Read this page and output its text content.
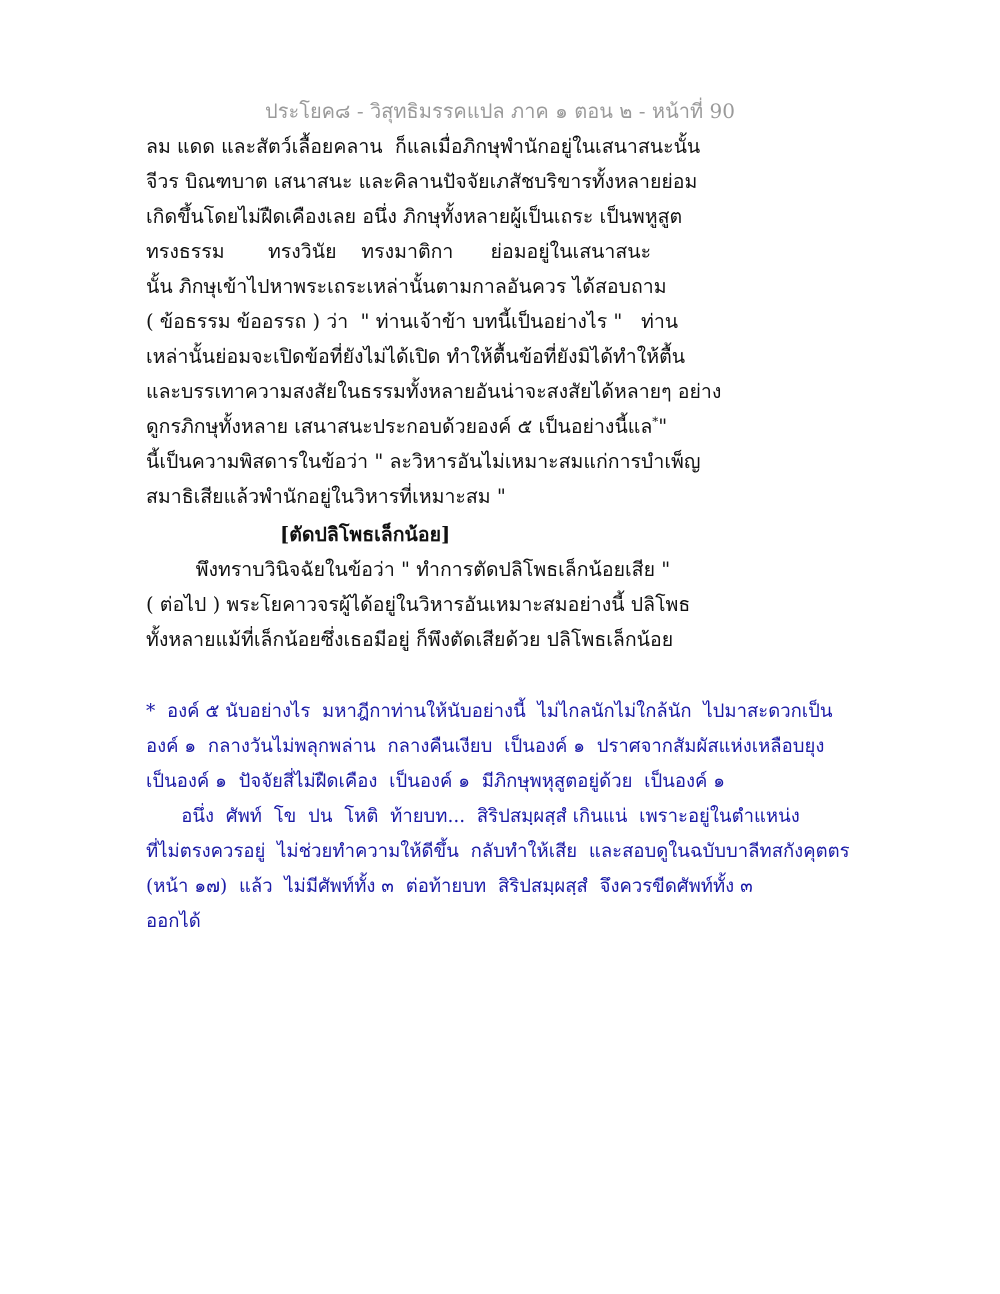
ประโยค๘ - วิสุทธิมรรคแปล ภาค ๑ ตอน ๒ - หน้าที่ 90
ลม แดด และสัตว์เลื้อยคลาน  ก็แลเมื่อภิกษุพำนักอยู่ในเสนาสนะนั้น
จีวร บิณฑบาต เสนาสนะ และคิลานปัจจัยเภสัชบริขารทั้งหลายย่อม
เกิดขึ้นโดยไม่ฝืดเคืองเลย อนึ่ง ภิกษุทั้งหลายผู้เป็นเถระ เป็นพหูสูต
ทรงธรรม       ทรงวินัย    ทรงมาติกา      ย่อมอยู่ในเสนาสนะ
นั้น ภิกษุเข้าไปหาพระเถระเหล่านั้นตามกาลอันควร ได้สอบถาม
( ข้อธรรม ข้ออรรถ ) ว่า  " ท่านเจ้าข้า บทนี้เป็นอย่างไร "   ท่าน
เหล่านั้นย่อมจะเปิดข้อที่ยังไม่ได้เปิด ทำให้ตื้นข้อที่ยังมิได้ทำให้ตื้น
และบรรเทาความสงสัยในธรรมทั้งหลายอันน่าจะสงสัยได้หลายๆ อย่าง
ดูกรภิกษุทั้งหลาย เสนาสนะประกอบด้วยองค์ ๕ เป็นอย่างนี้แล*"
นี้เป็นความพิสดารในข้อว่า " ละวิหารอันไม่เหมาะสมแก่การบำเพ็ญ
สมาธิเสียแล้วพำนักอยู่ในวิหารที่เหมาะสม "
[ตัดปลิโพธเล็กน้อย]
พึงทราบวินิจฉัยในข้อว่า " ทำการตัดปลิโพธเล็กน้อยเสีย "
( ต่อไป ) พระโยคาวจรผู้ได้อยู่ในวิหารอันเหมาะสมอย่างนี้ ปลิโพธ
ทั้งหลายแม้ที่เล็กน้อยซึ่งเธอมีอยู่ ก็พึงตัดเสียด้วย ปลิโพธเล็กน้อย
*  องค์ ๕ นับอย่างไร  มหาฎีกาท่านให้นับอย่างนี้  ไม่ไกลนักไม่ใกล้นัก  ไปมาสะดวกเป็น
องค์ ๑  กลางวันไม่พลุกพล่าน  กลางคืนเงียบ  เป็นองค์ ๑  ปราศจากสัมผัสแห่งเหลือบยุง
เป็นองค์ ๑  ปัจจัยสี่ไม่ฝืดเคือง  เป็นองค์ ๑  มีภิกษุพหุสูตอยู่ด้วย  เป็นองค์ ๑
อนึ่ง  ศัพท์  โข  ปน  โหติ  ท้ายบท...  สิริปสมฺผสฺสํ เกินแน่  เพราะอยู่ในตำแหน่ง
ที่ไม่ตรงควรอยู่  ไม่ช่วยทำความให้ดีขึ้น  กลับทำให้เสีย  และสอบดูในฉบับบาลีทสกังคุตตร
(หน้า ๑๗)  แล้ว  ไม่มีศัพท์ทั้ง ๓  ต่อท้ายบท  สิริปสมฺผสฺสํ  จึงควรขีดศัพท์ทั้ง ๓
ออกได้
